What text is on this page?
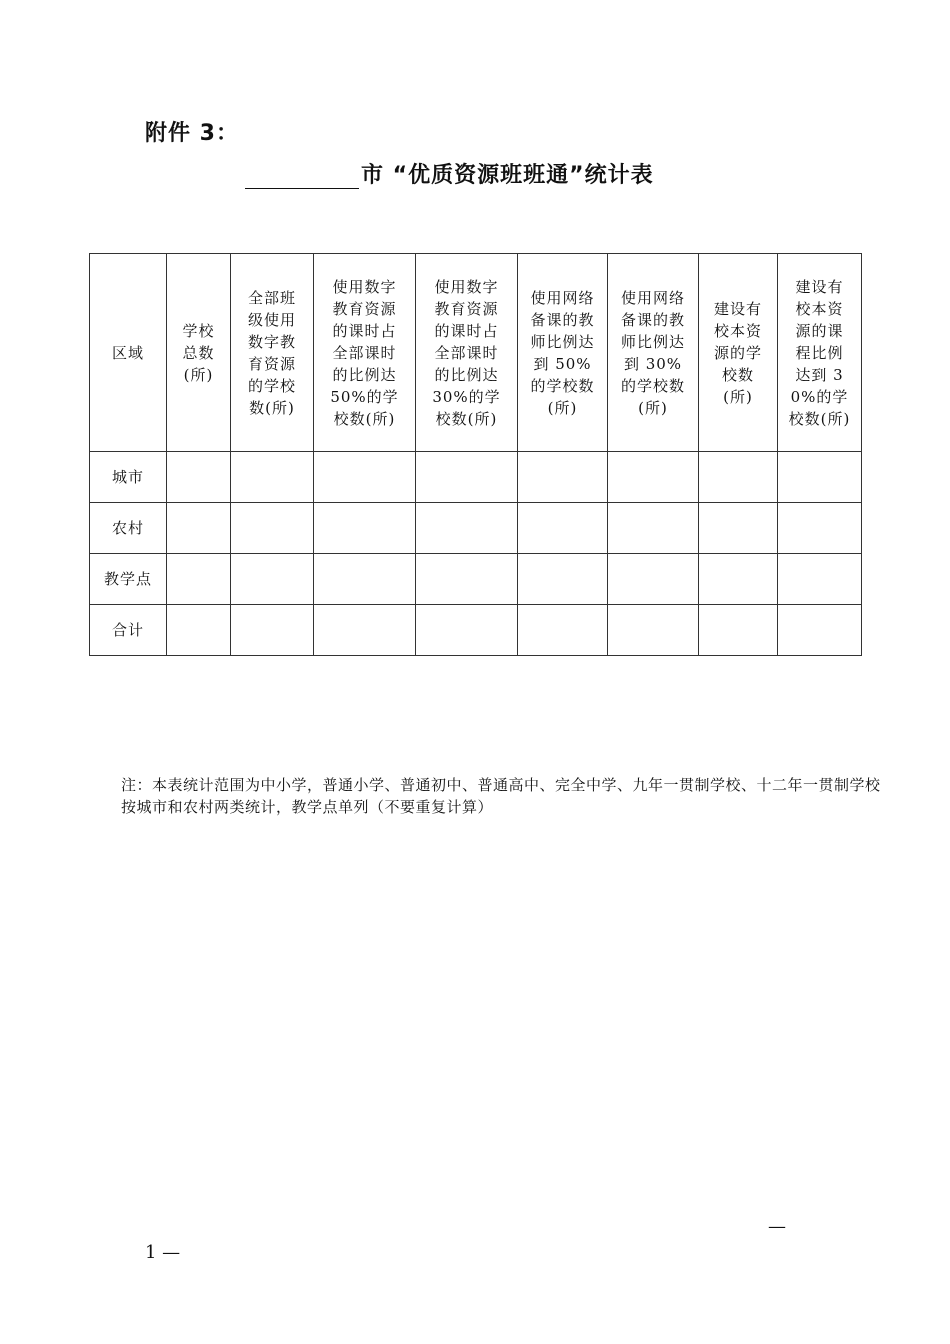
附件 3：
市 “优质资源班班通”统计表
区域	学校总数(所)	全部班级使用数字教育资源的学校数(所)	使用数字教育资源的课时占全部课时的比例达 50%的学校数(所)	使用数字教育资源的课时占全部课时的比例达 30%的学校数(所)	使用网络备课的教师比例达到 50%的学校数(所)	使用网络备课的教师比例达到 30%的学校数(所)	建设有校本资源的学校数(所)	建设有校本资源的课程比例达到 30%的学校数(所)
城市								
农村								
教学点								
合计								
注：本表统计范围为中小学，普通小学、普通初中、普通高中、完全中学、九年一贯制学校、十二年一贯制学校按城市和农村两类统计，教学点单列（不要重复计算）
—
1 —
